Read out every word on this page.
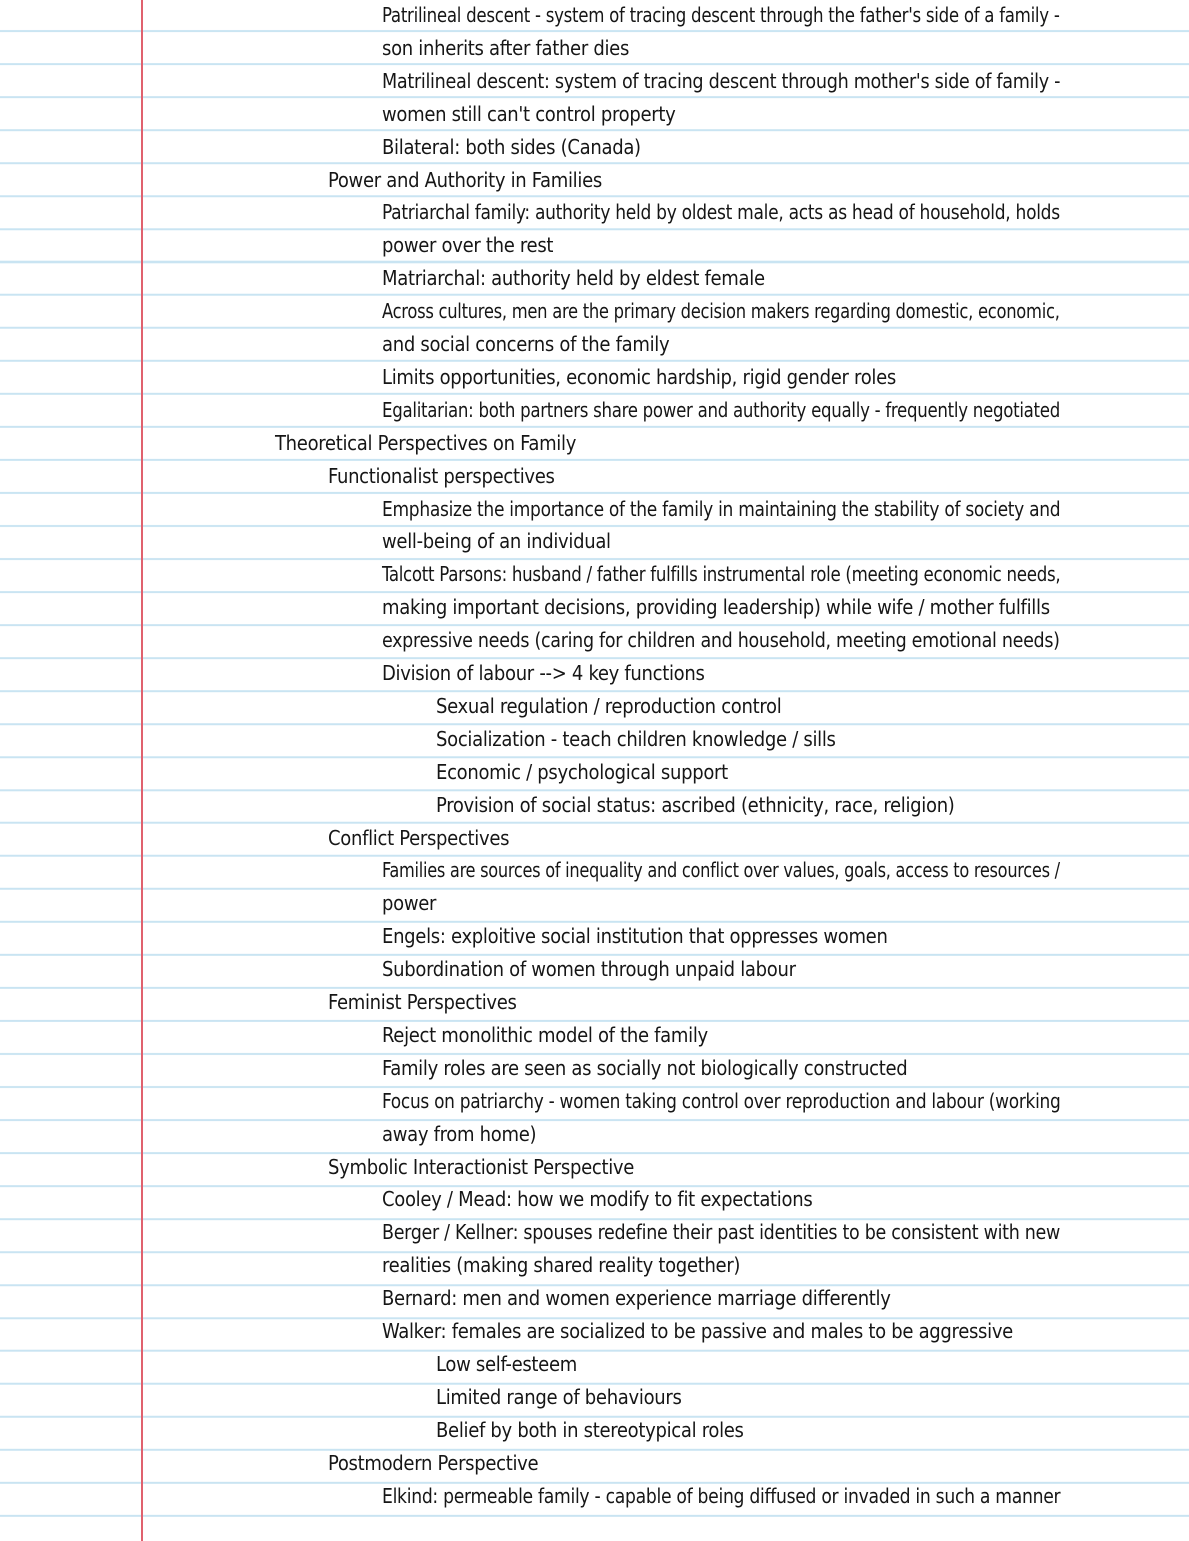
Patrilineal descent - system of tracing descent through the father's side of a family -
son inherits after father dies
Matrilineal descent: system of tracing descent through mother's side of family -
women still can't control property
Bilateral: both sides (Canada)
Power and Authority in Families
Patriarchal family: authority held by oldest male, acts as head of household, holds
power over the rest
Matriarchal: authority held by eldest female
Across cultures, men are the primary decision makers regarding domestic, economic,
and social concerns of the family
Limits opportunities, economic hardship, rigid gender roles
Egalitarian: both partners share power and authority equally - frequently negotiated
Theoretical Perspectives on Family
Functionalist perspectives
Emphasize the importance of the family in maintaining the stability of society and
well-being of an individual
Talcott Parsons: husband / father fulfills instrumental role (meeting economic needs,
making important decisions, providing leadership) while wife / mother fulfills
expressive needs (caring for children and household, meeting emotional needs)
Division of labour --> 4 key functions
Sexual regulation / reproduction control
Socialization - teach children knowledge / sills
Economic / psychological support
Provision of social status: ascribed (ethnicity, race, religion)
Conflict Perspectives
Families are sources of inequality and conflict over values, goals, access to resources /
power
Engels: exploitive social institution that oppresses women
Subordination of women through unpaid labour
Feminist Perspectives
Reject monolithic model of the family
Family roles are seen as socially not biologically constructed
Focus on patriarchy - women taking control over reproduction and labour (working
away from home)
Symbolic Interactionist Perspective
Cooley / Mead: how we modify to fit expectations
Berger / Kellner: spouses redefine their past identities to be consistent with new
realities (making shared reality together)
Bernard: men and women experience marriage differently
Walker: females are socialized to be passive and males to be aggressive
Low self-esteem
Limited range of behaviours
Belief by both in stereotypical roles
Postmodern Perspective
Elkind: permeable family - capable of being diffused or invaded in such a manner
